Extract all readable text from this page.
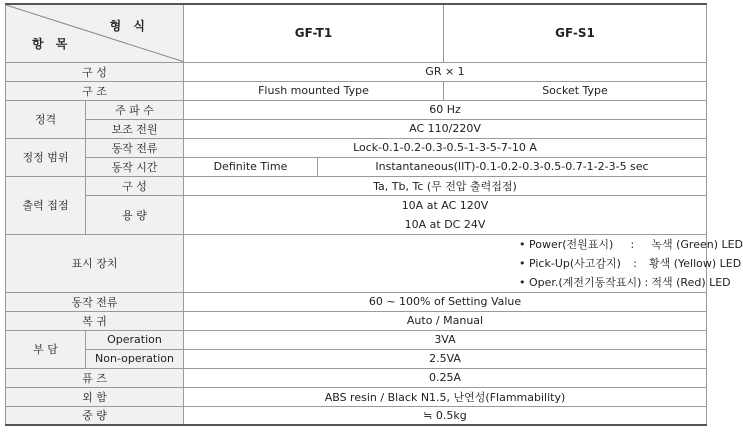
형 식
항 목		GF-T1		GF-S1
구 성		GR × 1		
구 조		Flush mounted Type		Socket Type
정격	주 파 수	60 Hz		
	보조 전원	AC 110/220V		
정정 범위	동작 전류	Lock-0.1-0.2-0.3-0.5-1-3-5-7-10 A		
	동작 시간	Definite Time	Instantaneous(IIT)-0.1-0.2-0.3-0.5-0.7-1-2-3-5 sec	
출력 접점	구 성	Ta, Tb, Tc (무 전압 출력접점)		
	용 량	10A at AC 120V
10A at DC 24V		

표시 장치		• Power(전원표시) : 녹색 (Green) LED
• Pick-Up(사고감지) : 황색 (Yellow) LED
• Oper.(계전기동작표시) : 적색 (Red) LED		

동작 전류		60 ~ 100% of Setting Value		
복 귀		Auto / Manual		
부 담	Operation	3VA		
	Non-operation	2.5VA		
퓨 즈		0.25A		
외 함		ABS resin / Black N1.5, 난연성(Flammability)		
중 량		≒ 0.5kg		
